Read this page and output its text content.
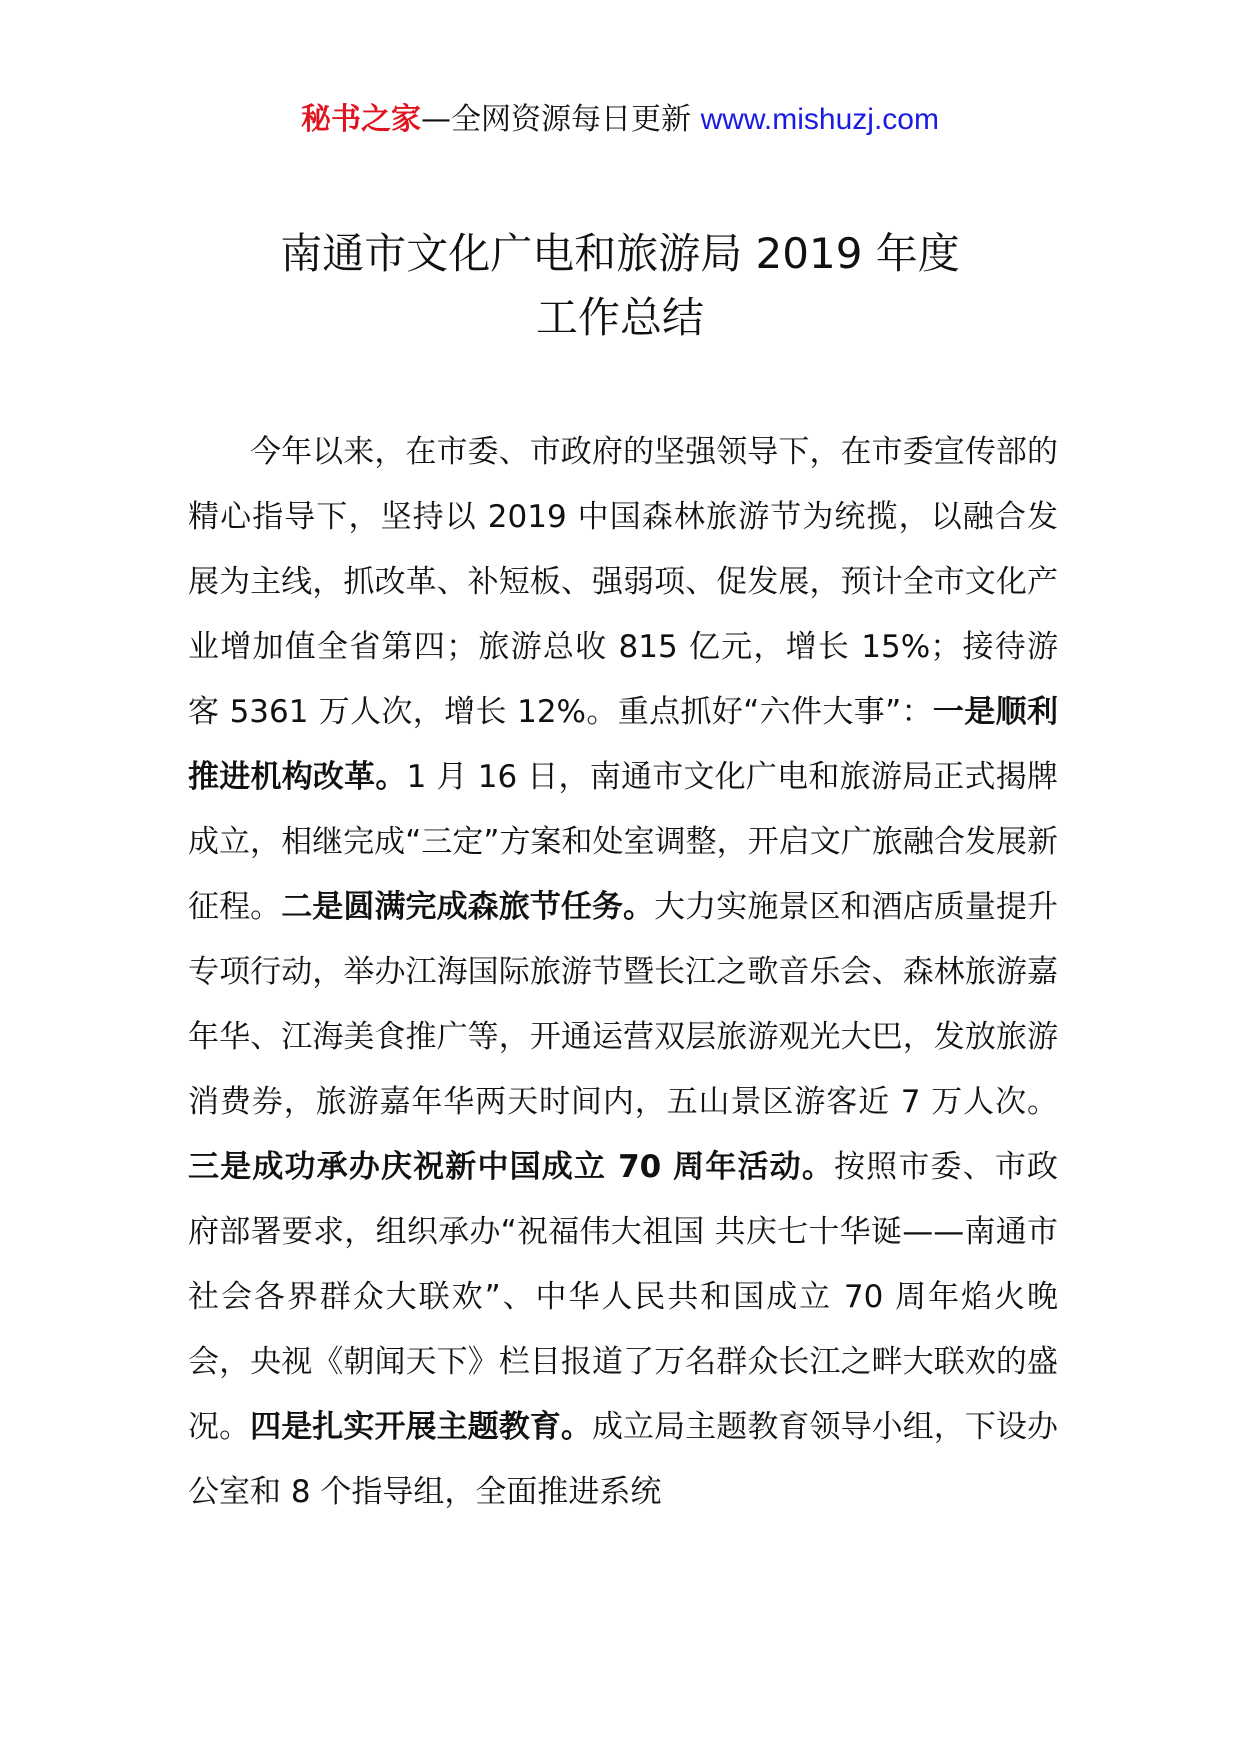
秘书之家—全网资源每日更新 www.mishuzj.com
南通市文化广电和旅游局 2019 年度
工作总结
今年以来，在市委、市政府的坚强领导下，在市委宣传部的精心指导下，坚持以 2019 中国森林旅游节为统揽，以融合发展为主线，抓改革、补短板、强弱项、促发展，预计全市文化产业增加值全省第四；旅游总收 815 亿元，增长 15%；接待游客 5361 万人次，增长 12%。重点抓好“六件大事”：一是顺利推进机构改革。1 月 16 日，南通市文化广电和旅游局正式揭牌成立，相继完成“三定”方案和处室调整，开启文广旅融合发展新征程。二是圆满完成森旅节任务。大力实施景区和酒店质量提升专项行动，举办江海国际旅游节暨长江之歌音乐会、森林旅游嘉年华、江海美食推广等，开通运营双层旅游观光大巴，发放旅游消费券，旅游嘉年华两天时间内，五山景区游客近 7 万人次。三是成功承办庆祝新中国成立 70 周年活动。按照市委、市政府部署要求，组织承办“祝福伟大祖国 共庆七十华诞——南通市社会各界群众大联欢”、中华人民共和国成立 70 周年焰火晚会，央视《朝闻天下》栏目报道了万名群众长江之畔大联欢的盛况。四是扎实开展主题教育。成立局主题教育领导小组，下设办公室和 8 个指导组，全面推进系统
